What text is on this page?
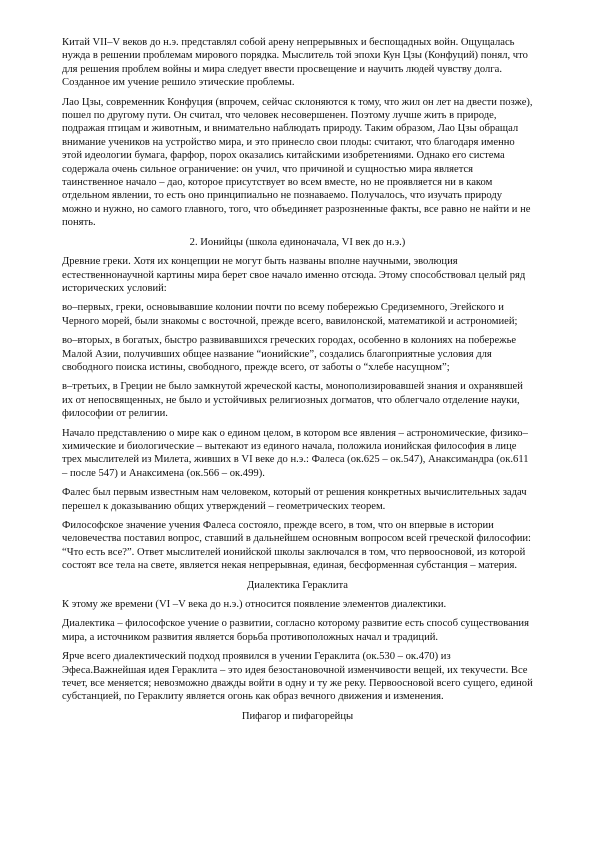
Китай VII–V веков до н.э. представлял собой арену непрерывных и беспощадных войн. Ощущалась нужда в решении проблемам мирового порядка. Мыслитель той эпохи Кун Цзы (Конфуций) понял, что для решения проблем войны и мира следует ввести просвещение и научить людей чувству долга. Созданное им учение решило этические проблемы.

Лао Цзы, современник Конфуция (впрочем, сейчас склоняются к тому, что жил он лет на двести позже), пошел по другому пути. Он считал, что человек несовершенен. Поэтому лучше жить в природе, подражая птицам и животным, и внимательно наблюдать природу. Таким образом, Лао Цзы обращал внимание учеников на устройство мира, и это принесло свои плоды: считают, что благодаря именно этой идеологии бумага, фарфор, порох оказались китайскими изобретениями. Однако его система содержала очень сильное ограничение: он учил, что причиной и сущностью мира является таинственное начало – дао, которое присутствует во всем вместе, но не проявляется ни в каком отдельном явлении, то есть оно принципиально не познаваемо. Получалось, что изучать природу можно и нужно, но самого главного, того, что объединяет разрозненные факты, все равно не найти и не понять.

2. Ионийцы (школа единоначала, VI век до н.э.)

Древние греки. Хотя их концепции не могут быть названы вполне научными, эволюция естественнонаучной картины мира берет свое начало именно отсюда. Этому способствовал целый ряд исторических условий:

во–первых, греки, основывавшие колонии почти по всему побережью Средиземного, Эгейского и Черного морей, были знакомы с восточной, прежде всего, вавилонской, математикой и астрономией;

во–вторых, в богатых, быстро развивавшихся греческих городах, особенно в колониях на побережье Малой Азии, получивших общее название “ионийские”, создались благоприятные условия для свободного поиска истины, свободного, прежде всего, от заботы о “хлебе насущном”;

в–третьих, в Греции не было замкнутой жреческой касты, монополизировавшей знания и охранявшей их от непосвященных, не было и устойчивых религиозных догматов, что облегчало отделение науки, философии от религии.

Начало представлению о мире как о едином целом, в котором все явления – астрономические, физико–химические и биологические – вытекают из единого начала, положила ионийская философия в лице трех мыслителей из Милета, живших в VI веке до н.э.: Фалеса (ок.625 – ок.547), Анаксимандра (ок.611 – после 547) и Анаксимена (ок.566 – ок.499).

Фалес был первым известным нам человеком, который от решения конкретных вычислительных задач перешел к доказыванию общих утверждений – геометрических теорем.

Философское значение учения Фалеса состояло, прежде всего, в том, что он впервые в истории человечества поставил вопрос, ставший в дальнейшем основным вопросом всей греческой философии: “Что есть все?”. Ответ мыслителей ионийской школы заключался в том, что первоосновой, из которой состоят все тела на свете, является некая непрерывная, единая, бесформенная субстанция – материя.

Диалектика Гераклита

К этому же времени (VI –V века до н.э.) относится появление элементов диалектики.

Диалектика – философское учение о развитии, согласно которому развитие есть способ существования мира, а источником развития является борьба противоположных начал и традиций.

Ярче всего диалектический подход проявился в учении Гераклита (ок.530 – ок.470) из Эфеса.Важнейшая идея Гераклита – это идея безостановочной изменчивости вещей, их текучести. Все течет, все меняется; невозможно дважды войти в одну и ту же реку. Первоосновой всего сущего, единой субстанцией, по Гераклиту является огонь как образ вечного движения и изменения.

Пифагор и пифагорейцы
